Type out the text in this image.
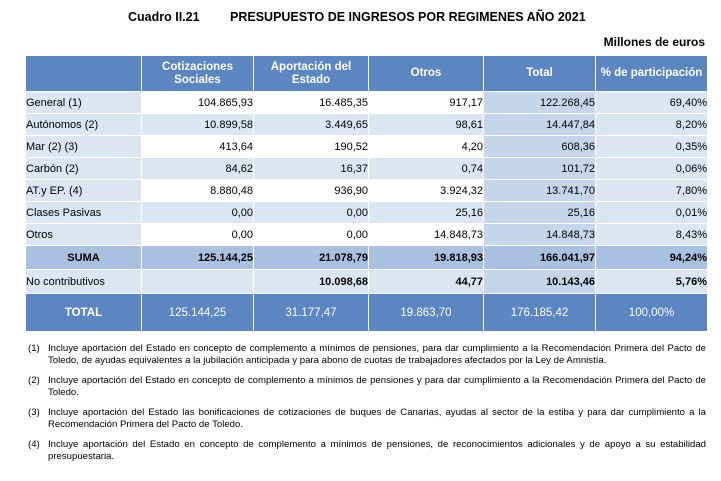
Cuadro II.21 PRESUPUESTO DE INGRESOS POR REGIMENES AÑO 2021
Millones de euros
	Cotizaciones Sociales	Aportación del Estado	Otros	Total	% de participación
General (1)	104.865,93	16.485,35	917,17	122.268,45	69,40%
Autónomos (2)	10.899,58	3.449,65	98,61	14.447,84	8,20%
Mar (2) (3)	413,64	190,52	4,20	608,36	0,35%
Carbón (2)	84,62	16,37	0,74	101,72	0,06%
AT.y EP. (4)	8.880,48	936,90	3.924,32	13.741,70	7,80%
Clases Pasivas	0,00	0,00	25,16	25,16	0,01%
Otros	0,00	0,00	14.848,73	14.848,73	8,43%
SUMA	125.144,25	21.078,79	19.818,93	166.041,97	94,24%
No contributivos		10.098,68	44,77	10.143,46	5,76%
TOTAL	125.144,25	31.177,47	19.863,70	176.185,42	100,00%
(1) Incluye aportación del Estado en concepto de complemento a mínimos de pensiones, para dar cumplimiento a la Recomendación Primera del Pacto de Toledo, de ayudas equivalentes a la jubilación anticipada y para abono de cuotas de trabajadores afectados por la Ley de Amnistía.
(2) Incluye aportación del Estado en concepto de complemento a mínimos de pensiones y para dar cumplimiento a la Recomendación Primera del Pacto de Toledo.
(3) Incluye aportación del Estado las bonificaciones de cotizaciones de buques de Canarias, ayudas al sector de la estiba y para dar cumplimiento a la Recomendación Primera del Pacto de Toledo.
(4) Incluye aportación del Estado en concepto de complemento a mínimos de pensiones, de reconocimientos adicionales y de apoyo a su estabilidad presupuestaria.
